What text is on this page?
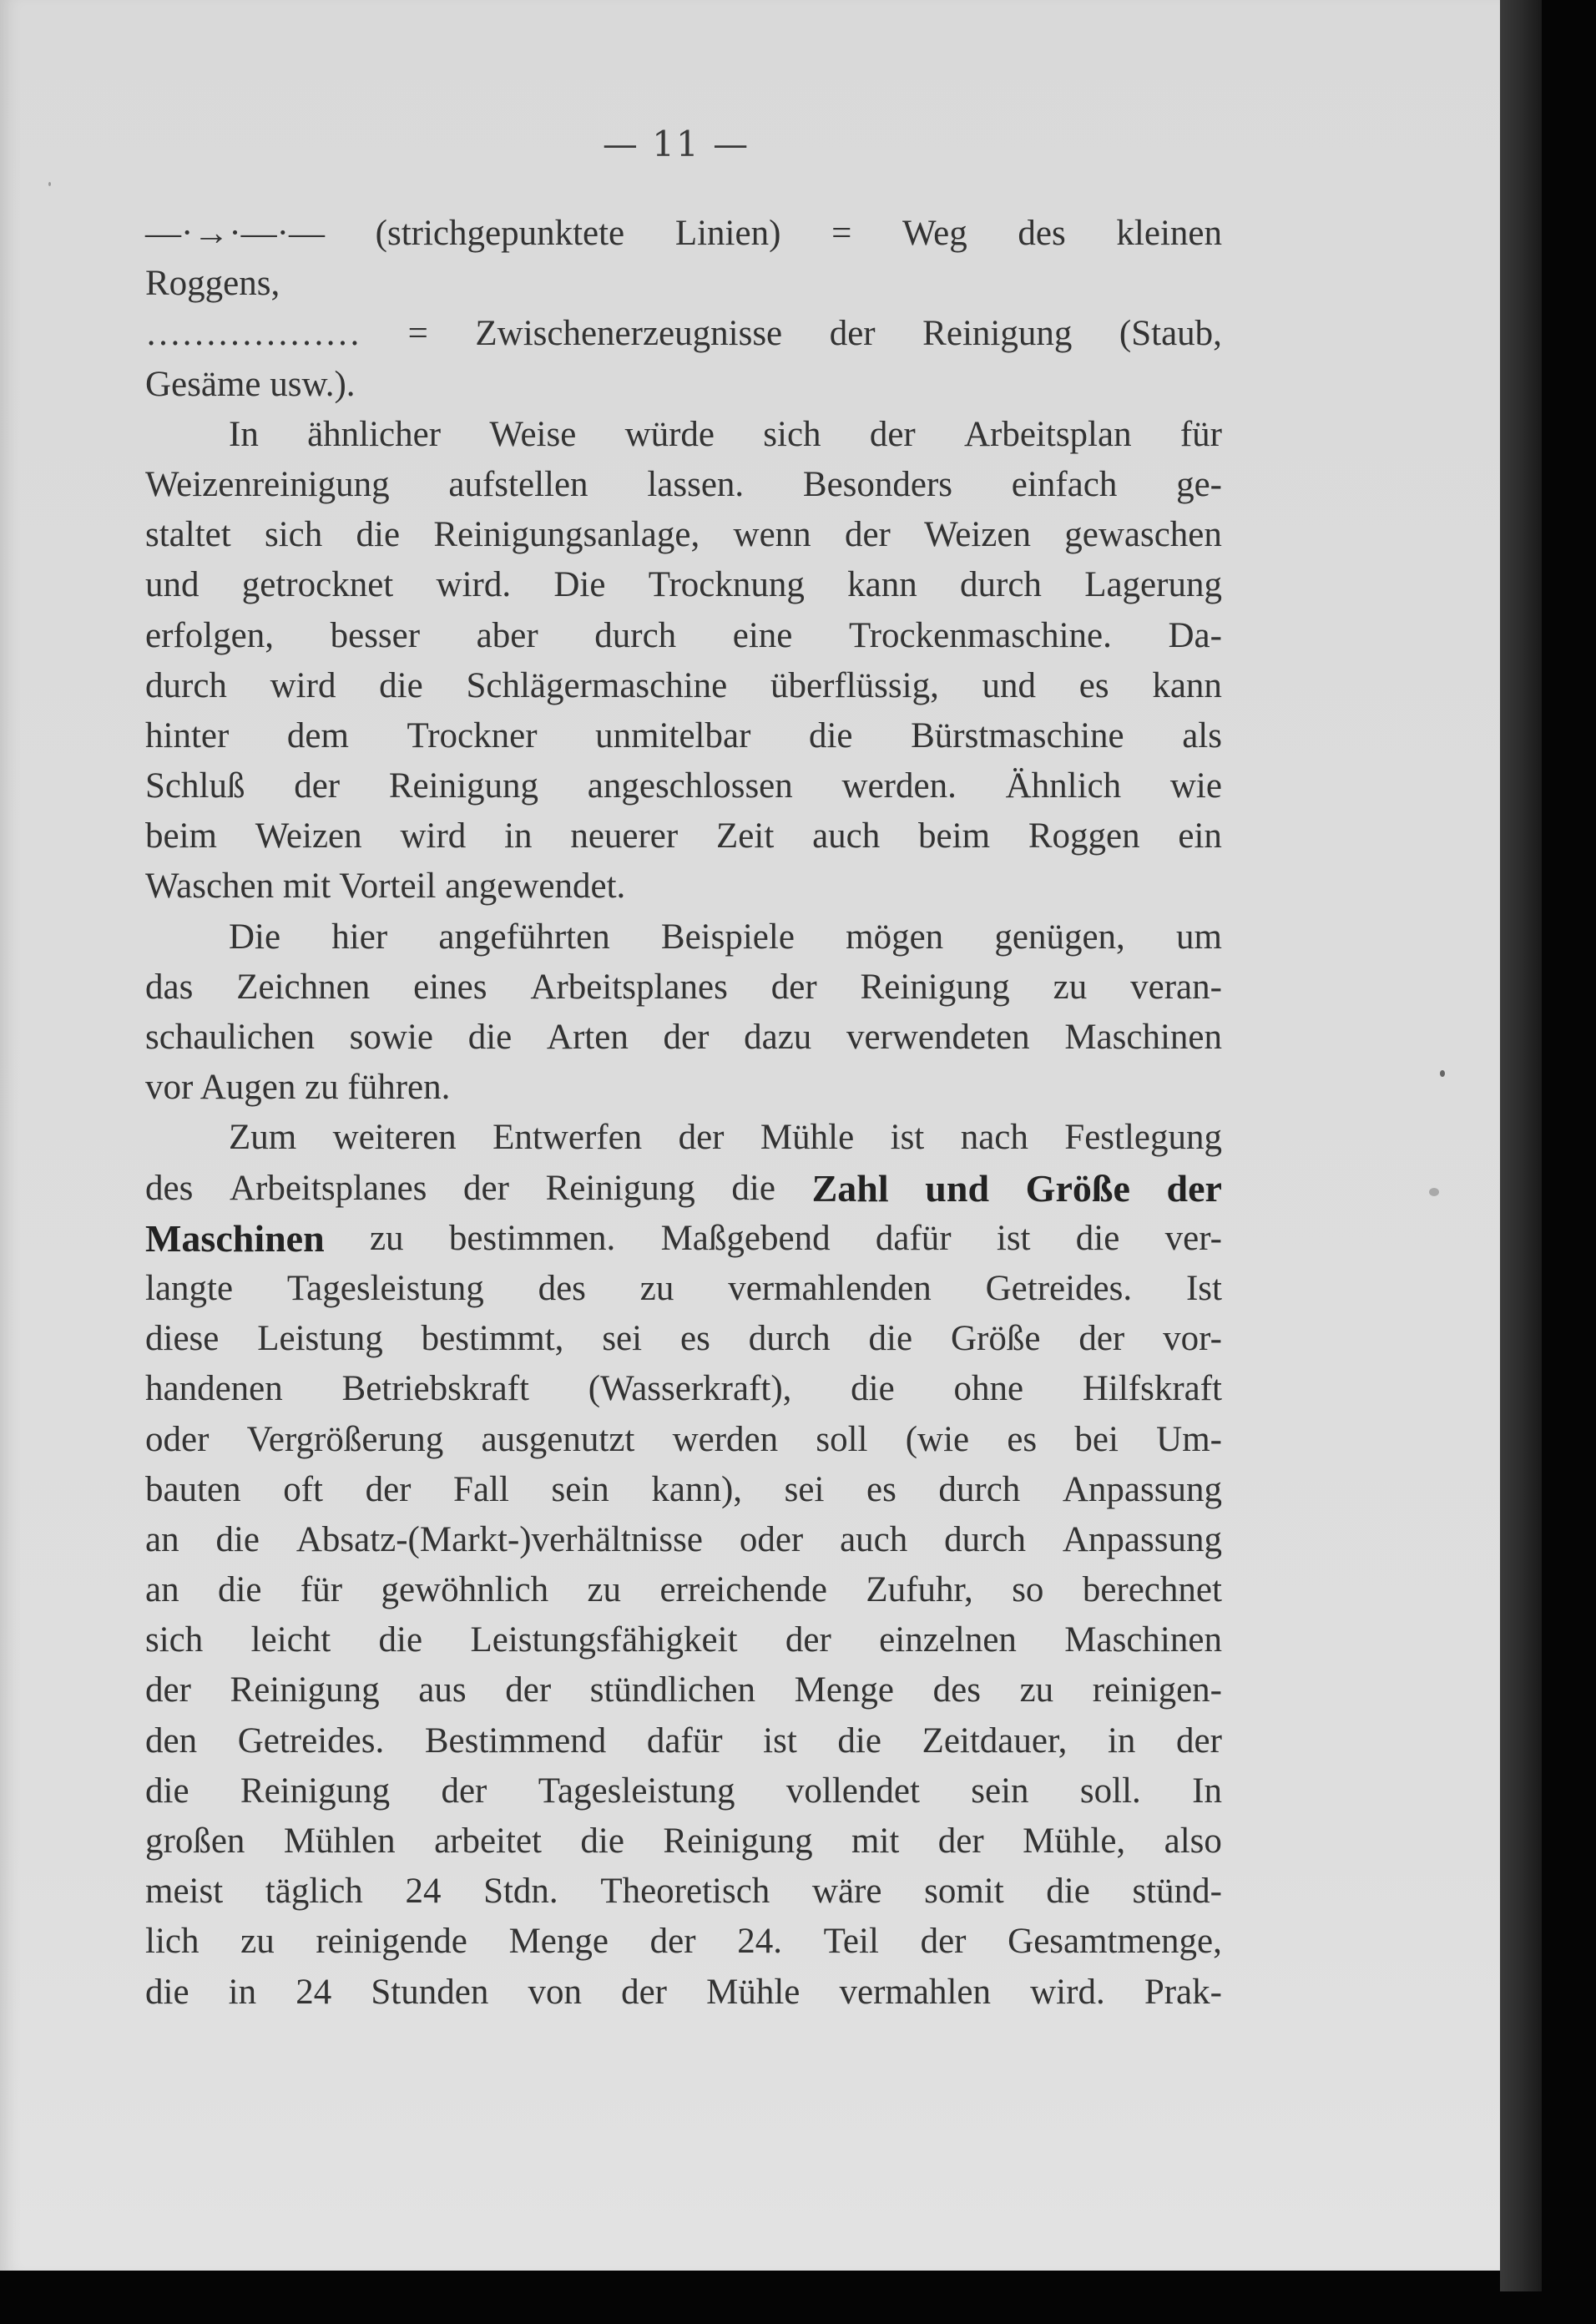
— 11 —
—·→·—·— (strichgepunktete Linien) = Weg des kleinen
Roggens,
……………… = Zwischenerzeugnisse der Reinigung (Staub,
Gesäme usw.).
In ähnlicher Weise würde sich der Arbeitsplan für
Weizenreinigung aufstellen lassen. Besonders einfach ge-
staltet sich die Reinigungsanlage, wenn der Weizen gewaschen
und getrocknet wird. Die Trocknung kann durch Lagerung
erfolgen, besser aber durch eine Trockenmaschine. Da-
durch wird die Schlägermaschine überflüssig, und es kann
hinter dem Trockner unmitelbar die Bürstmaschine als
Schluß der Reinigung angeschlossen werden. Ähnlich wie
beim Weizen wird in neuerer Zeit auch beim Roggen ein
Waschen mit Vorteil angewendet.
Die hier angeführten Beispiele mögen genügen, um
das Zeichnen eines Arbeitsplanes der Reinigung zu veran-
schaulichen sowie die Arten der dazu verwendeten Maschinen
vor Augen zu führen.
Zum weiteren Entwerfen der Mühle ist nach Festlegung
des Arbeitsplanes der Reinigung die Zahl und Größe der
Maschinen zu bestimmen. Maßgebend dafür ist die ver-
langte Tagesleistung des zu vermahlenden Getreides. Ist
diese Leistung bestimmt, sei es durch die Größe der vor-
handenen Betriebskraft (Wasserkraft), die ohne Hilfskraft
oder Vergrößerung ausgenutzt werden soll (wie es bei Um-
bauten oft der Fall sein kann), sei es durch Anpassung
an die Absatz-(Markt-)verhältnisse oder auch durch Anpassung
an die für gewöhnlich zu erreichende Zufuhr, so berechnet
sich leicht die Leistungsfähigkeit der einzelnen Maschinen
der Reinigung aus der stündlichen Menge des zu reinigen-
den Getreides. Bestimmend dafür ist die Zeitdauer, in der
die Reinigung der Tagesleistung vollendet sein soll. In
großen Mühlen arbeitet die Reinigung mit der Mühle, also
meist täglich 24 Stdn. Theoretisch wäre somit die stünd-
lich zu reinigende Menge der 24. Teil der Gesamtmenge,
die in 24 Stunden von der Mühle vermahlen wird. Prak-
